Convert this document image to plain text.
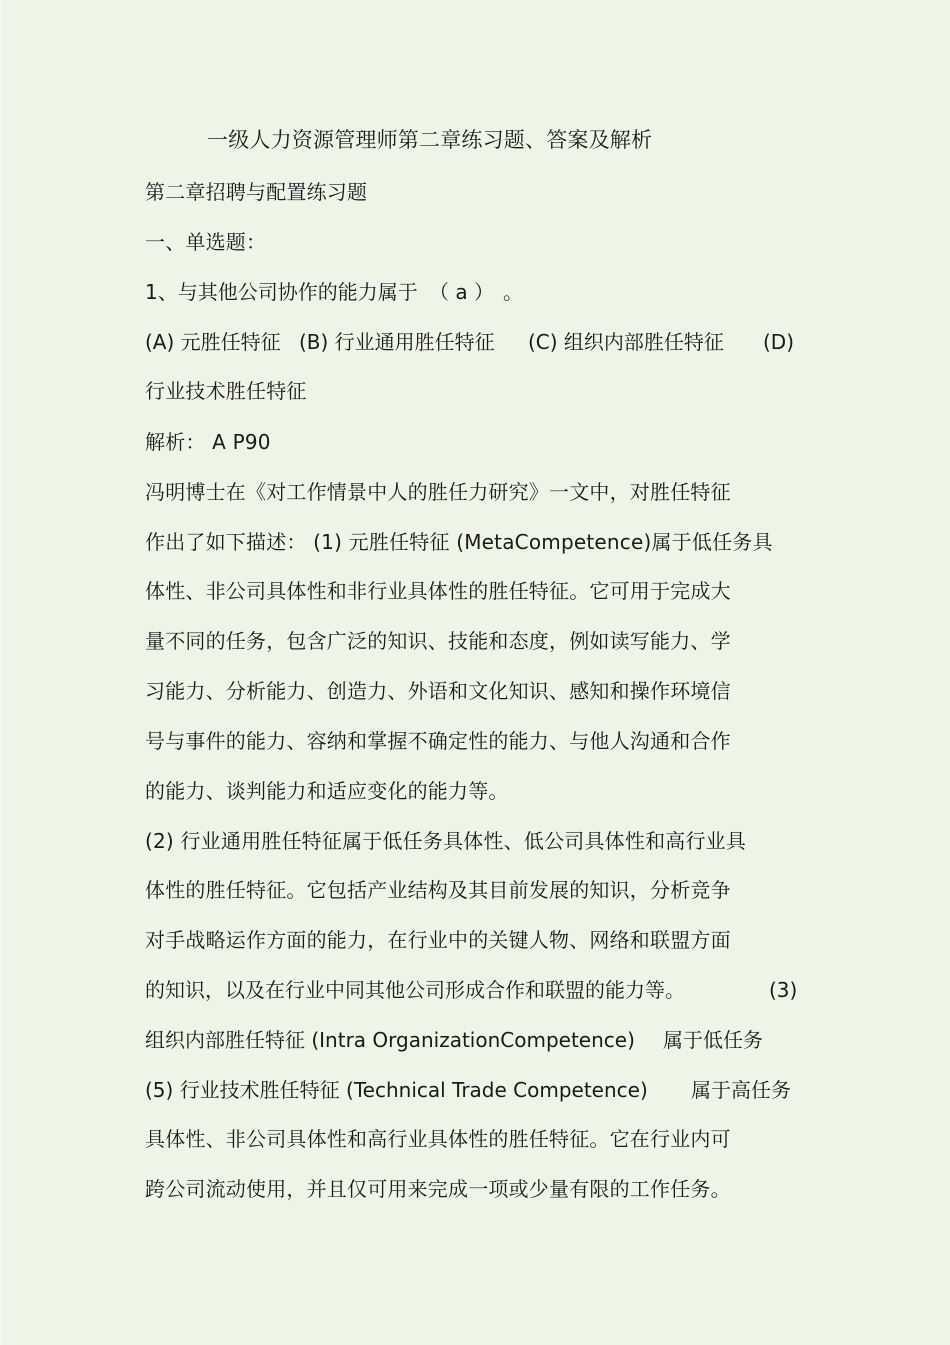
一级人力资源管理师第二章练习题、答案及解析
第二章招聘与配置练习题
一、单选题：
1、与其他公司协作的能力属于 （ a ） 。
(A) 元胜任特征 (B) 行业通用胜任特征 (C) 组织内部胜任特征 (D)
行业技术胜任特征
解析： A P90
冯明博士在《对工作情景中人的胜任力研究》一文中，对胜任特征
作出了如下描述： (1) 元胜任特征 (MetaCompetence)属于低任务具
体性、非公司具体性和非行业具体性的胜任特征。它可用于完成大
量不同的任务，包含广泛的知识、技能和态度，例如读写能力、学
习能力、分析能力、创造力、外语和文化知识、感知和操作环境信
号与事件的能力、容纳和掌握不确定性的能力、与他人沟通和合作
的能力、谈判能力和适应变化的能力等。
(2) 行业通用胜任特征属于低任务具体性、低公司具体性和高行业具
体性的胜任特征。它包括产业结构及其目前发展的知识，分析竞争
对手战略运作方面的能力，在行业中的关键人物、网络和联盟方面
的知识，以及在行业中同其他公司形成合作和联盟的能力等。	(3)
组织内部胜任特征 (Intra OrganizationCompetence) 属于低任务
(5) 行业技术胜任特征 (Technical Trade Competence) 属于高任务
具体性、非公司具体性和高行业具体性的胜任特征。它在行业内可
跨公司流动使用，并且仅可用来完成一项或少量有限的工作任务。
